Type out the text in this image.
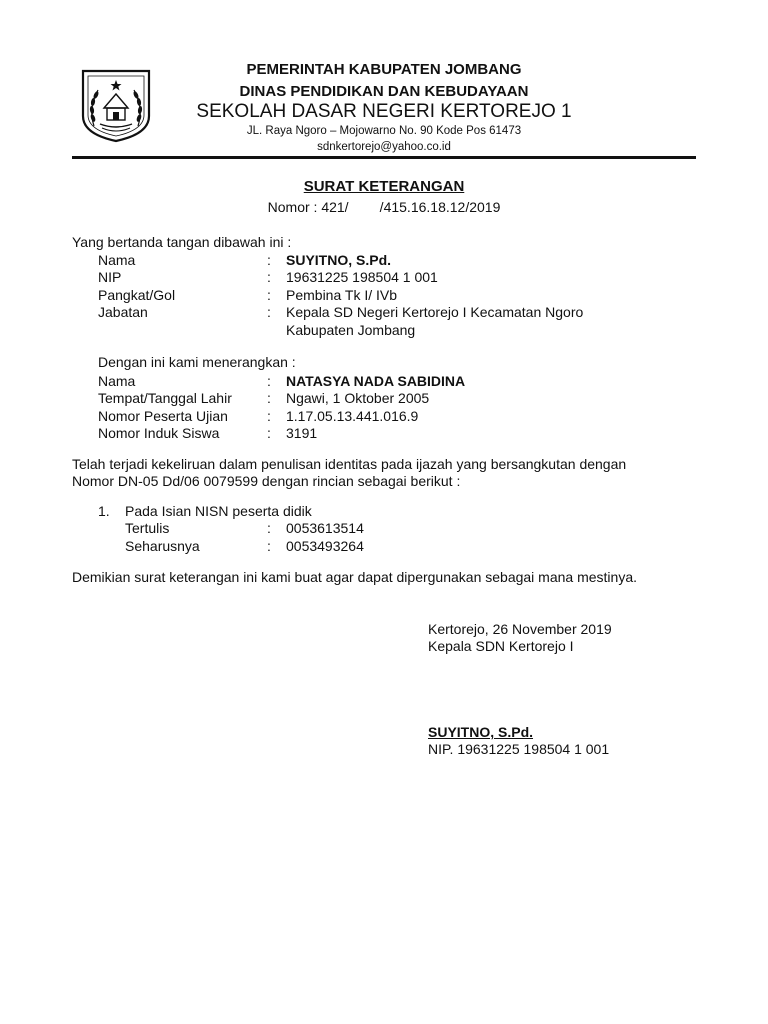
PEMERINTAH KABUPATEN JOMBANG
DINAS PENDIDIKAN DAN KEBUDAYAAN
SEKOLAH DASAR NEGERI KERTOREJO 1
JL. Raya Ngoro – Mojowarno No. 90 Kode Pos 61473
sdnkertorejo@yahoo.co.id
SURAT KETERANGAN
Nomor : 421/        /415.16.18.12/2019
Yang bertanda tangan dibawah ini :
Nama	: SUYITNO, S.Pd.
NIP	: 19631225 198504 1 001
Pangkat/Gol	: Pembina Tk I/ IVb
Jabatan	: Kepala SD Negeri Kertorejo I Kecamatan Ngoro
Kabupaten Jombang
Dengan ini kami menerangkan :
Nama	: NATASYA NADA SABIDINA
Tempat/Tanggal Lahir	: Ngawi, 1 Oktober 2005
Nomor Peserta Ujian	: 1.17.05.13.441.016.9
Nomor Induk Siswa	: 3191
Telah terjadi kekeliruan dalam penulisan identitas pada ijazah yang bersangkutan dengan
Nomor DN-05 Dd/06 0079599 dengan rincian sebagai berikut :
1. Pada Isian NISN peserta didik
Tertulis	: 0053613514
Seharusnya	: 0053493264
Demikian surat keterangan ini kami buat agar dapat dipergunakan sebagai mana mestinya.
Kertorejo, 26 November 2019
Kepala SDN Kertorejo I
SUYITNO, S.Pd.
NIP. 19631225 198504 1 001
